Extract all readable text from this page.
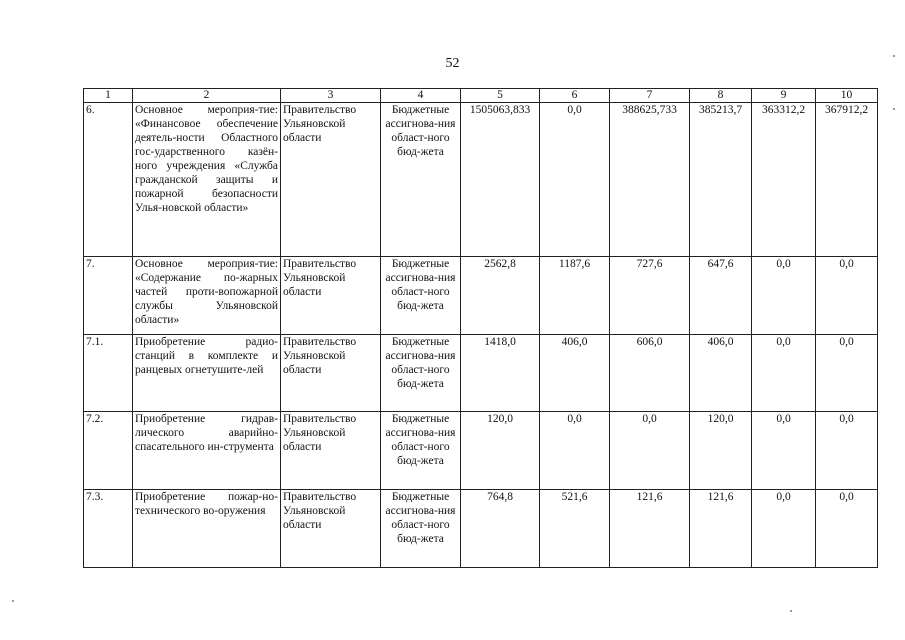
52
1	2	3	4	5	6	7	8	9	10
6.	Основное мероприя-тие: «Финансовое обеспечение деятель-ности Областного гос-ударственного казён-ного учреждения «Служба гражданской защиты и пожарной безопасности Улья-новской области»	Правительство Ульяновской области	Бюджетные ассигнова-ния област-ного бюд-жета	1505063,833	0,0	388625,733	385213,7	363312,2	367912,2
7.	Основное мероприя-тие: «Содержание по-жарных частей проти-вопожарной службы Ульяновской области»	Правительство Ульяновской области	Бюджетные ассигнова-ния област-ного бюд-жета	2562,8	1187,6	727,6	647,6	0,0	0,0
7.1.	Приобретение радио-станций в комплекте и ранцевых огнетушите-лей	Правительство Ульяновской области	Бюджетные ассигнова-ния област-ного бюд-жета	1418,0	406,0	606,0	406,0	0,0	0,0
7.2.	Приобретение гидрав-лического аварийно-спасательного ин-струмента	Правительство Ульяновской области	Бюджетные ассигнова-ния област-ного бюд-жета	120,0	0,0	0,0	120,0	0,0	0,0
7.3.	Приобретение пожар-но-технического во-оружения	Правительство Ульяновской области	Бюджетные ассигнова-ния област-ного бюд-жета	764,8	521,6	121,6	121,6	0,0	0,0
